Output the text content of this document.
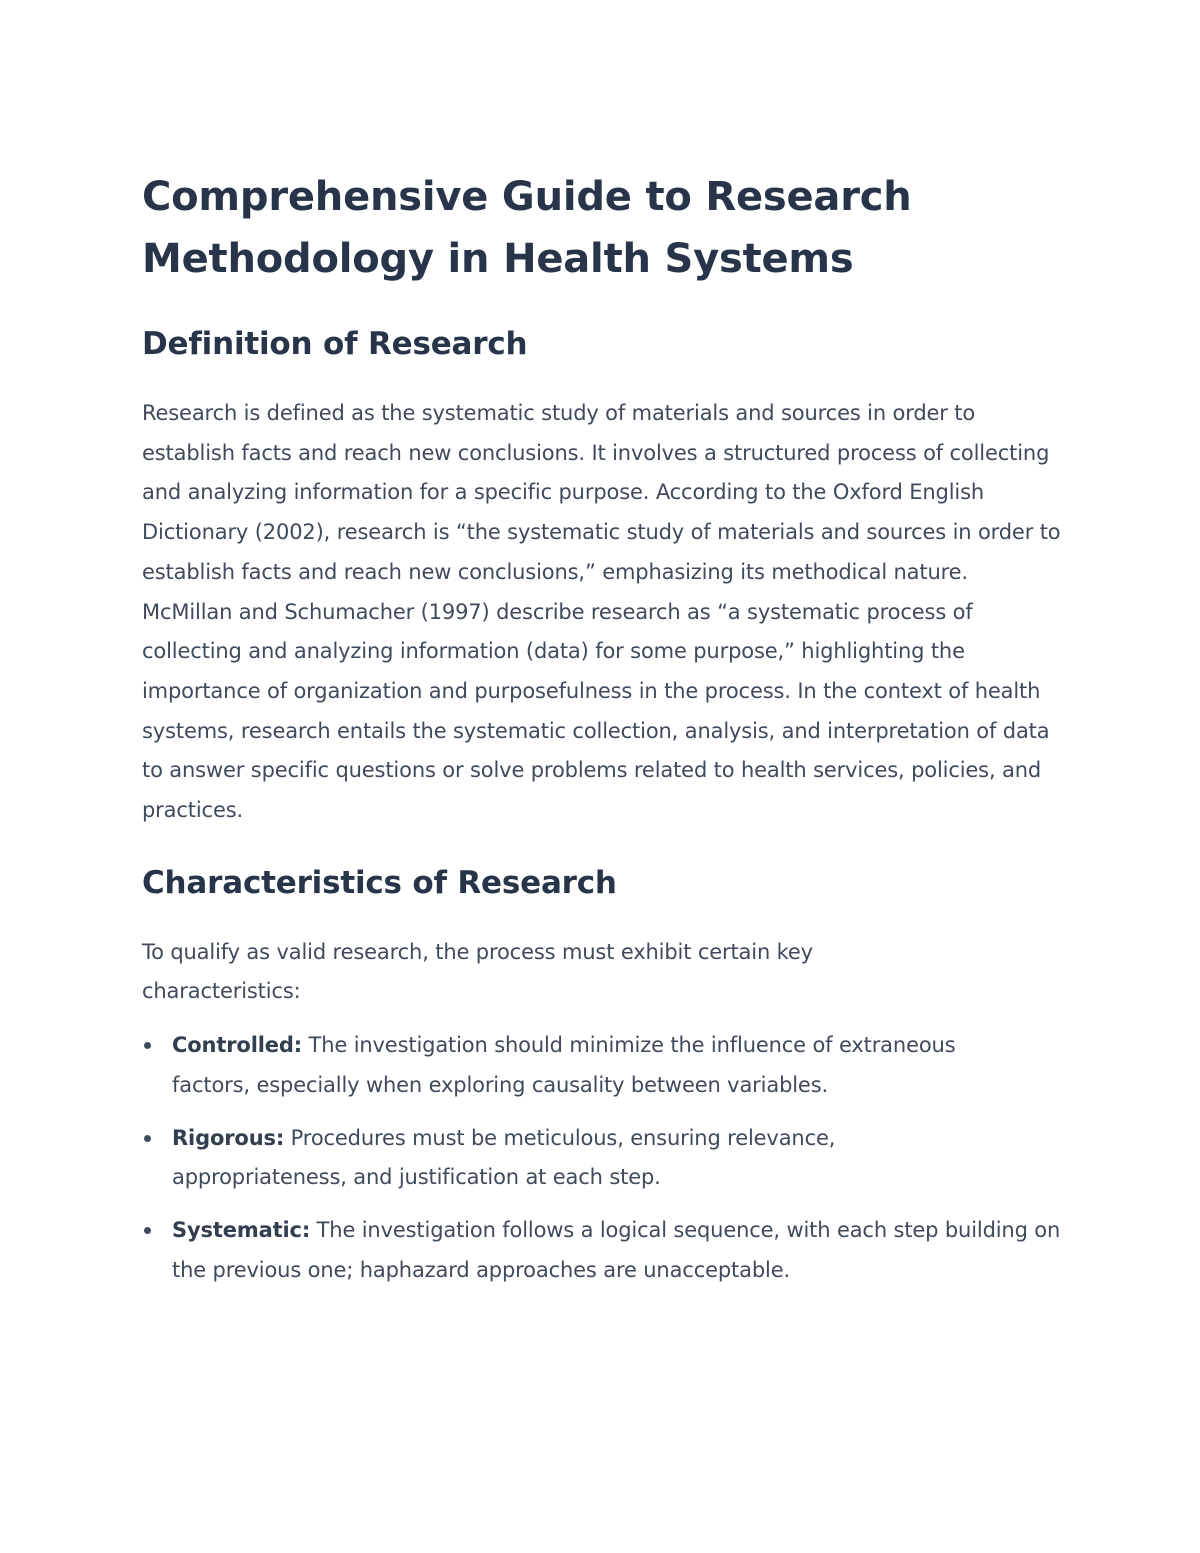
Comprehensive Guide to Research Methodology in Health Systems
Definition of Research

Research is defined as the systematic study of materials and sources in order to establish facts and reach new conclusions. It involves a structured process of collecting and analyzing information for a specific purpose. According to the Oxford English Dictionary (2002), research is “the systematic study of materials and sources in order to establish facts and reach new conclusions,” emphasizing its methodical nature. McMillan and Schumacher (1997) describe research as “a systematic process of collecting and analyzing information (data) for some purpose,” highlighting the importance of organization and purposefulness in the process. In the context of health systems, research entails the systematic collection, analysis, and interpretation of data to answer specific questions or solve problems related to health services, policies, and practices.

Characteristics of Research

To qualify as valid research, the process must exhibit certain key characteristics:

Controlled: The investigation should minimize the influence of extraneous factors, especially when exploring causality between variables.
Rigorous: Procedures must be meticulous, ensuring relevance, appropriateness, and justification at each step.
Systematic: The investigation follows a logical sequence, with each step building on the previous one; haphazard approaches are unacceptable.
